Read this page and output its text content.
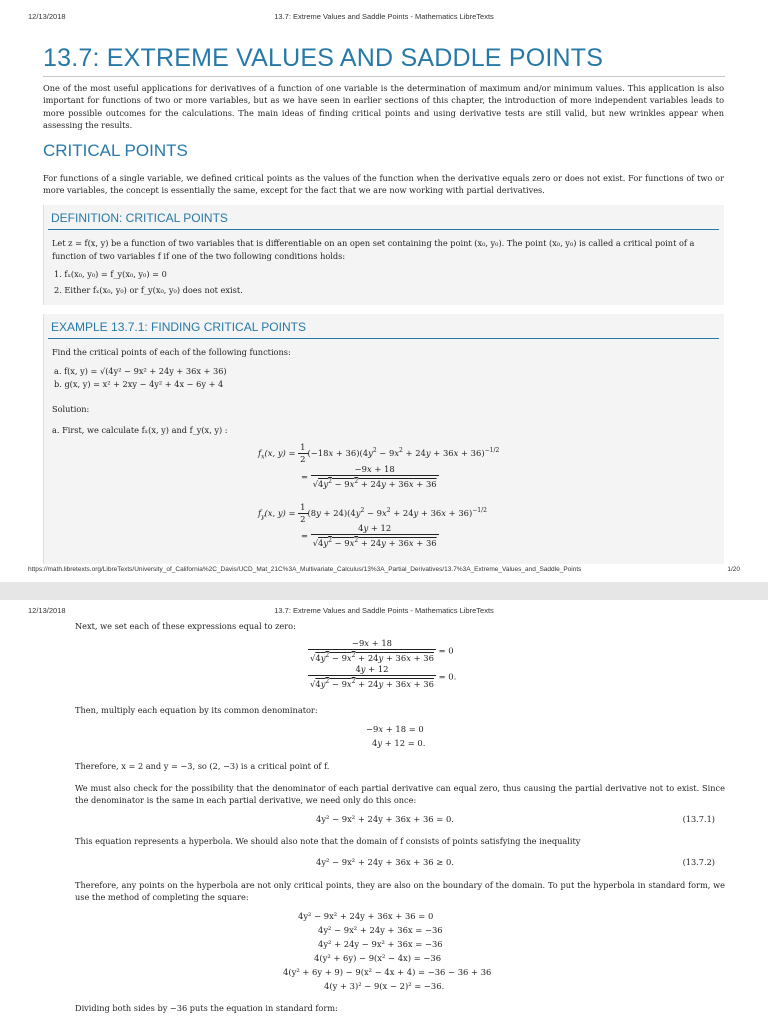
12/13/2018	13.7: Extreme Values and Saddle Points - Mathematics LibreTexts
13.7: EXTREME VALUES AND SADDLE POINTS

One of the most useful applications for derivatives of a function of one variable is the determination of maximum and/or minimum values. This application is also important for functions of two or more variables, but as we have seen in earlier sections of this chapter, the introduction of more independent variables leads to more possible outcomes for the calculations. The main ideas of finding critical points and using derivative tests are still valid, but new wrinkles appear when assessing the results.

CRITICAL POINTS

For functions of a single variable, we defined critical points as the values of the function when the derivative equals zero or does not exist. For functions of two or more variables, the concept is essentially the same, except for the fact that we are now working with partial derivatives.

DEFINITION: CRITICAL POINTS
Let z = f(x, y) be a function of two variables that is differentiable on an open set containing the point (x₀, y₀). The point (x₀, y₀) is called a critical point of a
function of two variables f if one of the two following conditions holds:
1. fₓ(x₀, y₀) = f_y(x₀, y₀) = 0
2. Either fₓ(x₀, y₀) or f_y(x₀, y₀) does not exist.
EXAMPLE 13.7.1: FINDING CRITICAL POINTS
Find the critical points of each of the following functions:
a. f(x, y) = √(4y² − 9x² + 24y + 36x + 36)
b. g(x, y) = x² + 2xy − 4y² + 4x − 6y + 4
Solution:
a. First, we calculate fₓ(x, y) and f_y(x, y) :
$f_x(x$, $y) = \frac{1}{2} (-18x + 36)(4y^2 - 9x^2 + 24y + 36x + 36)^{-1/2}$
= $\frac{-9x + 18}{√4y^2 - 9x^2 + 24y + 36x + 36}$
$f_y(x$, $y) = \frac{1}{2} (8y + 24)(4y^2 - 9x^2 + 24y + 36x + 36)^{-1/2}$
= $\frac{4y + 12}{√4y^2 - 9x^2 + 24y + 36x + 36}$
https://math.libretexts.org/LibreTexts/University_of_California%2C_Davis/UCD_Mat_21C%3A_Multivariate_Calculus/13%3A_Partial_Derivatives/13.7%3A_Extreme_Values_and_Saddle_Points	1/20
12/13/2018	13.7: Extreme Values and Saddle Points - Mathematics LibreTexts
Next, we set each of these expressions equal to zero:
$\frac{-9x + 18}{√4y^2 - 9x^2 + 24y + 36x + 36} = 0$
$\frac{4y + 12}{√4y^2 - 9x^2 + 24y + 36x + 36} = 0$.
Then, multiply each equation by its common denominator:
−9x + 18 = 0
4y + 12 = 0.
Therefore, x = 2 and y = −3, so (2, −3) is a critical point of f.
We must also check for the possibility that the denominator of each partial derivative can equal zero, thus causing the partial derivative not to exist. Since the denominator is the same in each partial derivative, we need only do this once:
4y² − 9x² + 24y + 36x + 36 = 0.	(13.7.1)
This equation represents a hyperbola. We should also note that the domain of f consists of points satisfying the inequality
4y² − 9x² + 24y + 36x + 36 ≥ 0.	(13.7.2)
Therefore, any points on the hyperbola are not only critical points, they are also on the boundary of the domain. To put the hyperbola in standard form, we use the method of completing the square:
4y² − 9x² + 24y + 36x + 36 = 0
4y² − 9x² + 24y + 36x = −36
4y² + 24y − 9x² + 36x = −36
4(y² + 6y) − 9(x² − 4x) = −36
4(y² + 6y + 9) − 9(x² − 4x + 4) = −36 − 36 + 36
4(y + 3)² − 9(x − 2)² = −36.
Dividing both sides by −36 puts the equation in standard form:
